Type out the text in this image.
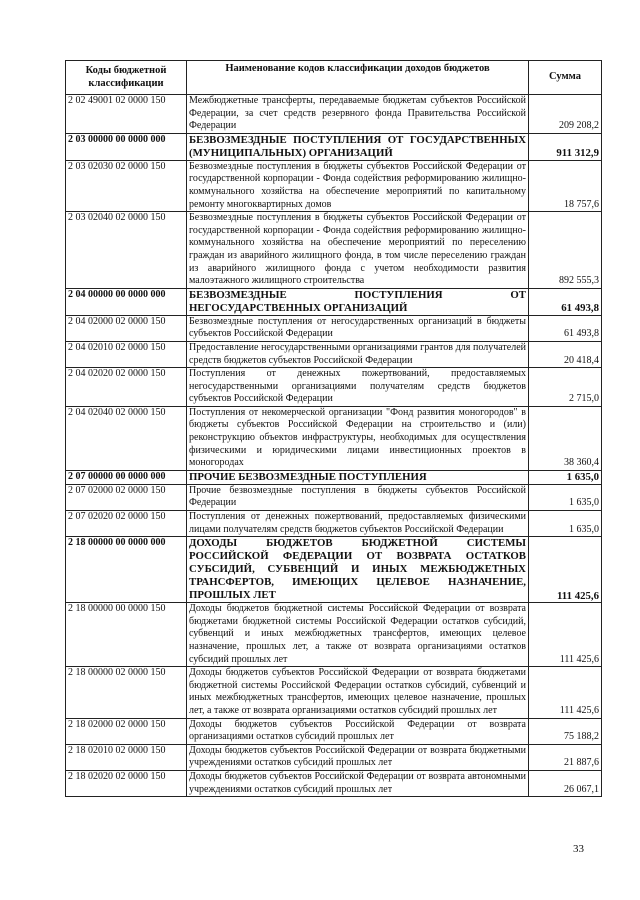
Коды бюджетной классификации	Наименование кодов классификации доходов бюджетов	Сумма
2 02 49001 02 0000 150	Межбюджетные трансферты, передаваемые бюджетам субъектов Российской Федерации, за счет средств резервного фонда Правительства Российской Федерации	209 208,2
2 03 00000 00 0000 000	БЕЗВОЗМЕЗДНЫЕ ПОСТУПЛЕНИЯ ОТ ГОСУДАРСТВЕННЫХ (МУНИЦИПАЛЬНЫХ) ОРГАНИЗАЦИЙ	911 312,9
2 03 02030 02 0000 150	Безвозмездные поступления в бюджеты субъектов Российской Федерации от государственной корпорации - Фонда содействия реформированию жилищно-коммунального хозяйства на обеспечение мероприятий по капитальному ремонту многоквартирных домов	18 757,6
2 03 02040 02 0000 150	Безвозмездные поступления в бюджеты субъектов Российской Федерации от государственной корпорации - Фонда содействия реформированию жилищно-коммунального хозяйства на обеспечение мероприятий по переселению граждан из аварийного жилищного фонда, в том числе переселению граждан из аварийного жилищного фонда с учетом необходимости развития малоэтажного жилищного строительства	892 555,3
2 04 00000 00 0000 000	БЕЗВОЗМЕЗДНЫЕ ПОСТУПЛЕНИЯ ОТ НЕГОСУДАРСТВЕННЫХ ОРГАНИЗАЦИЙ	61 493,8
2 04 02000 02 0000 150	Безвозмездные поступления от негосударственных организаций в бюджеты субъектов Российской Федерации	61 493,8
2 04 02010 02 0000 150	Предоставление негосударственными организациями грантов для получателей средств бюджетов субъектов Российской Федерации	20 418,4
2 04 02020 02 0000 150	Поступления от денежных пожертвований, предоставляемых негосударственными организациями получателям средств бюджетов субъектов Российской Федерации	2 715,0
2 04 02040 02 0000 150	Поступления от некомерческой организации "Фонд развития моногородов" в бюджеты субъектов Российской Федерации на строительство и (или) реконструкцию объектов инфраструктуры, необходимых для осуществления физическими и юридическими лицами инвестиционных проектов в моногородах	38 360,4
2 07 00000 00 0000 000	ПРОЧИЕ БЕЗВОЗМЕЗДНЫЕ ПОСТУПЛЕНИЯ	1 635,0
2 07 02000 02 0000 150	Прочие безвозмездные поступления в бюджеты субъектов Российской Федерации	1 635,0
2 07 02020 02 0000 150	Поступления от денежных пожертвований, предоставляемых физическими лицами получателям средств бюджетов субъектов Российской Федерации	1 635,0
2 18 00000 00 0000 000	ДОХОДЫ БЮДЖЕТОВ БЮДЖЕТНОЙ СИСТЕМЫ РОССИЙСКОЙ ФЕДЕРАЦИИ ОТ ВОЗВРАТА ОСТАТКОВ СУБСИДИЙ, СУБВЕНЦИЙ И ИНЫХ МЕЖБЮДЖЕТНЫХ ТРАНСФЕРТОВ, ИМЕЮЩИХ ЦЕЛЕВОЕ НАЗНАЧЕНИЕ, ПРОШЛЫХ ЛЕТ	111 425,6
2 18 00000 00 0000 150	Доходы бюджетов бюджетной системы Российской Федерации от возврата бюджетами бюджетной системы Российской Федерации остатков субсидий, субвенций и иных межбюджетных трансфертов, имеющих целевое назначение, прошлых лет, а также от возврата организациями остатков субсидий прошлых лет	111 425,6
2 18 00000 02 0000 150	Доходы бюджетов субъектов Российской Федерации от возврата бюджетами бюджетной системы Российской Федерации остатков субсидий, субвенций и иных межбюджетных трансфертов, имеющих целевое назначение, прошлых лет, а также от возврата организациями остатков субсидий прошлых лет	111 425,6
2 18 02000 02 0000 150	Доходы бюджетов субъектов Российской Федерации от возврата организациями остатков субсидий прошлых лет	75 188,2
2 18 02010 02 0000 150	Доходы бюджетов субъектов Российской Федерации от возврата бюджетными учреждениями остатков субсидий прошлых лет	21 887,6
2 18 02020 02 0000 150	Доходы бюджетов субъектов Российской Федерации от возврата автономными учреждениями остатков субсидий прошлых лет	26 067,1
33
